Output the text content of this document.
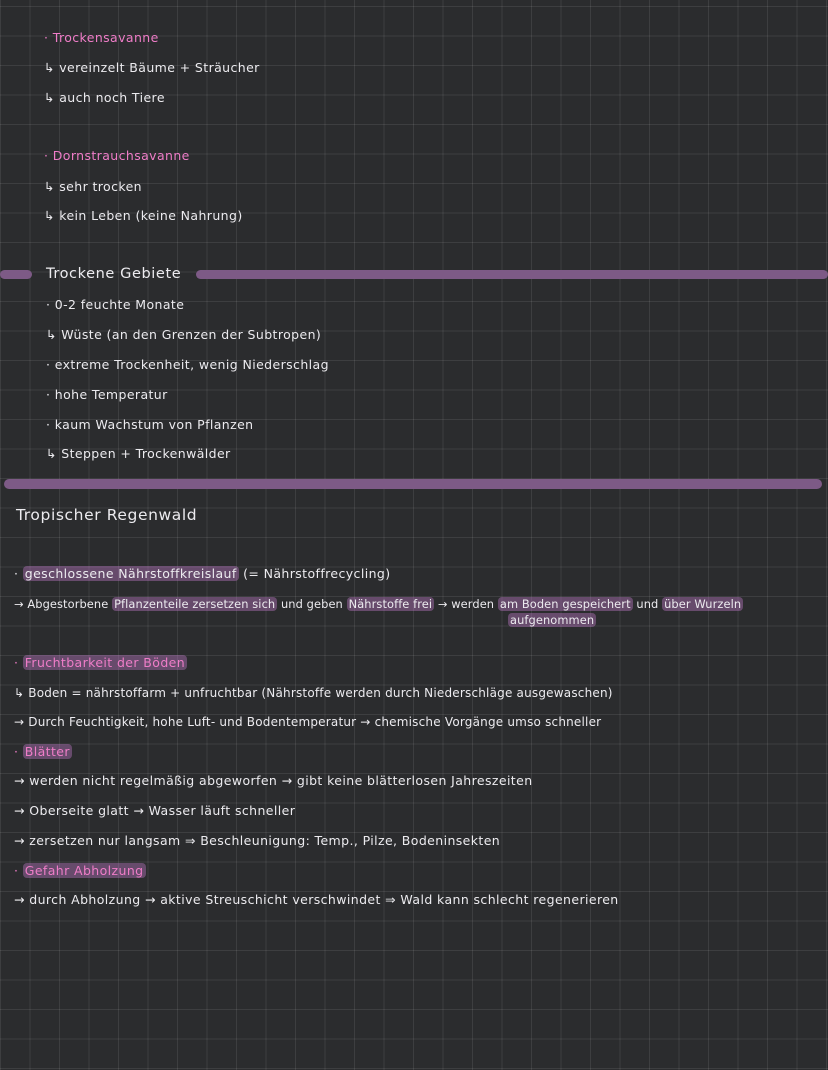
· Trockensavanne
↳ vereinzelt Bäume + Sträucher
↳ auch noch Tiere
· Dornstrauchsavanne
↳ sehr trocken
↳ kein Leben (keine Nahrung)
Trockene Gebiete
· 0-2 feuchte Monate
↳ Wüste (an den Grenzen der Subtropen)
· extreme Trockenheit, wenig Niederschlag
· hohe Temperatur
· kaum Wachstum von Pflanzen
↳ Steppen + Trockenwälder
Tropischer Regenwald
· geschlossene Nährstoffkreislauf (= Nährstoffrecycling)
→ Abgestorbene Pflanzenteile zersetzen sich und geben Nährstoffe frei → werden am Boden gespeichert und über Wurzeln
aufgenommen
· Fruchtbarkeit der Böden
↳ Boden = nährstoffarm + unfruchtbar (Nährstoffe werden durch Niederschläge ausgewaschen)
→ Durch Feuchtigkeit, hohe Luft- und Bodentemperatur → chemische Vorgänge umso schneller
· Blätter
→ werden nicht regelmäßig abgeworfen → gibt keine blätterlosen Jahreszeiten
→ Oberseite glatt → Wasser läuft schneller
→ zersetzen nur langsam ⇒ Beschleunigung: Temp., Pilze, Bodeninsekten
· Gefahr Abholzung
→ durch Abholzung → aktive Streuschicht verschwindet ⇒ Wald kann schlecht regenerieren
